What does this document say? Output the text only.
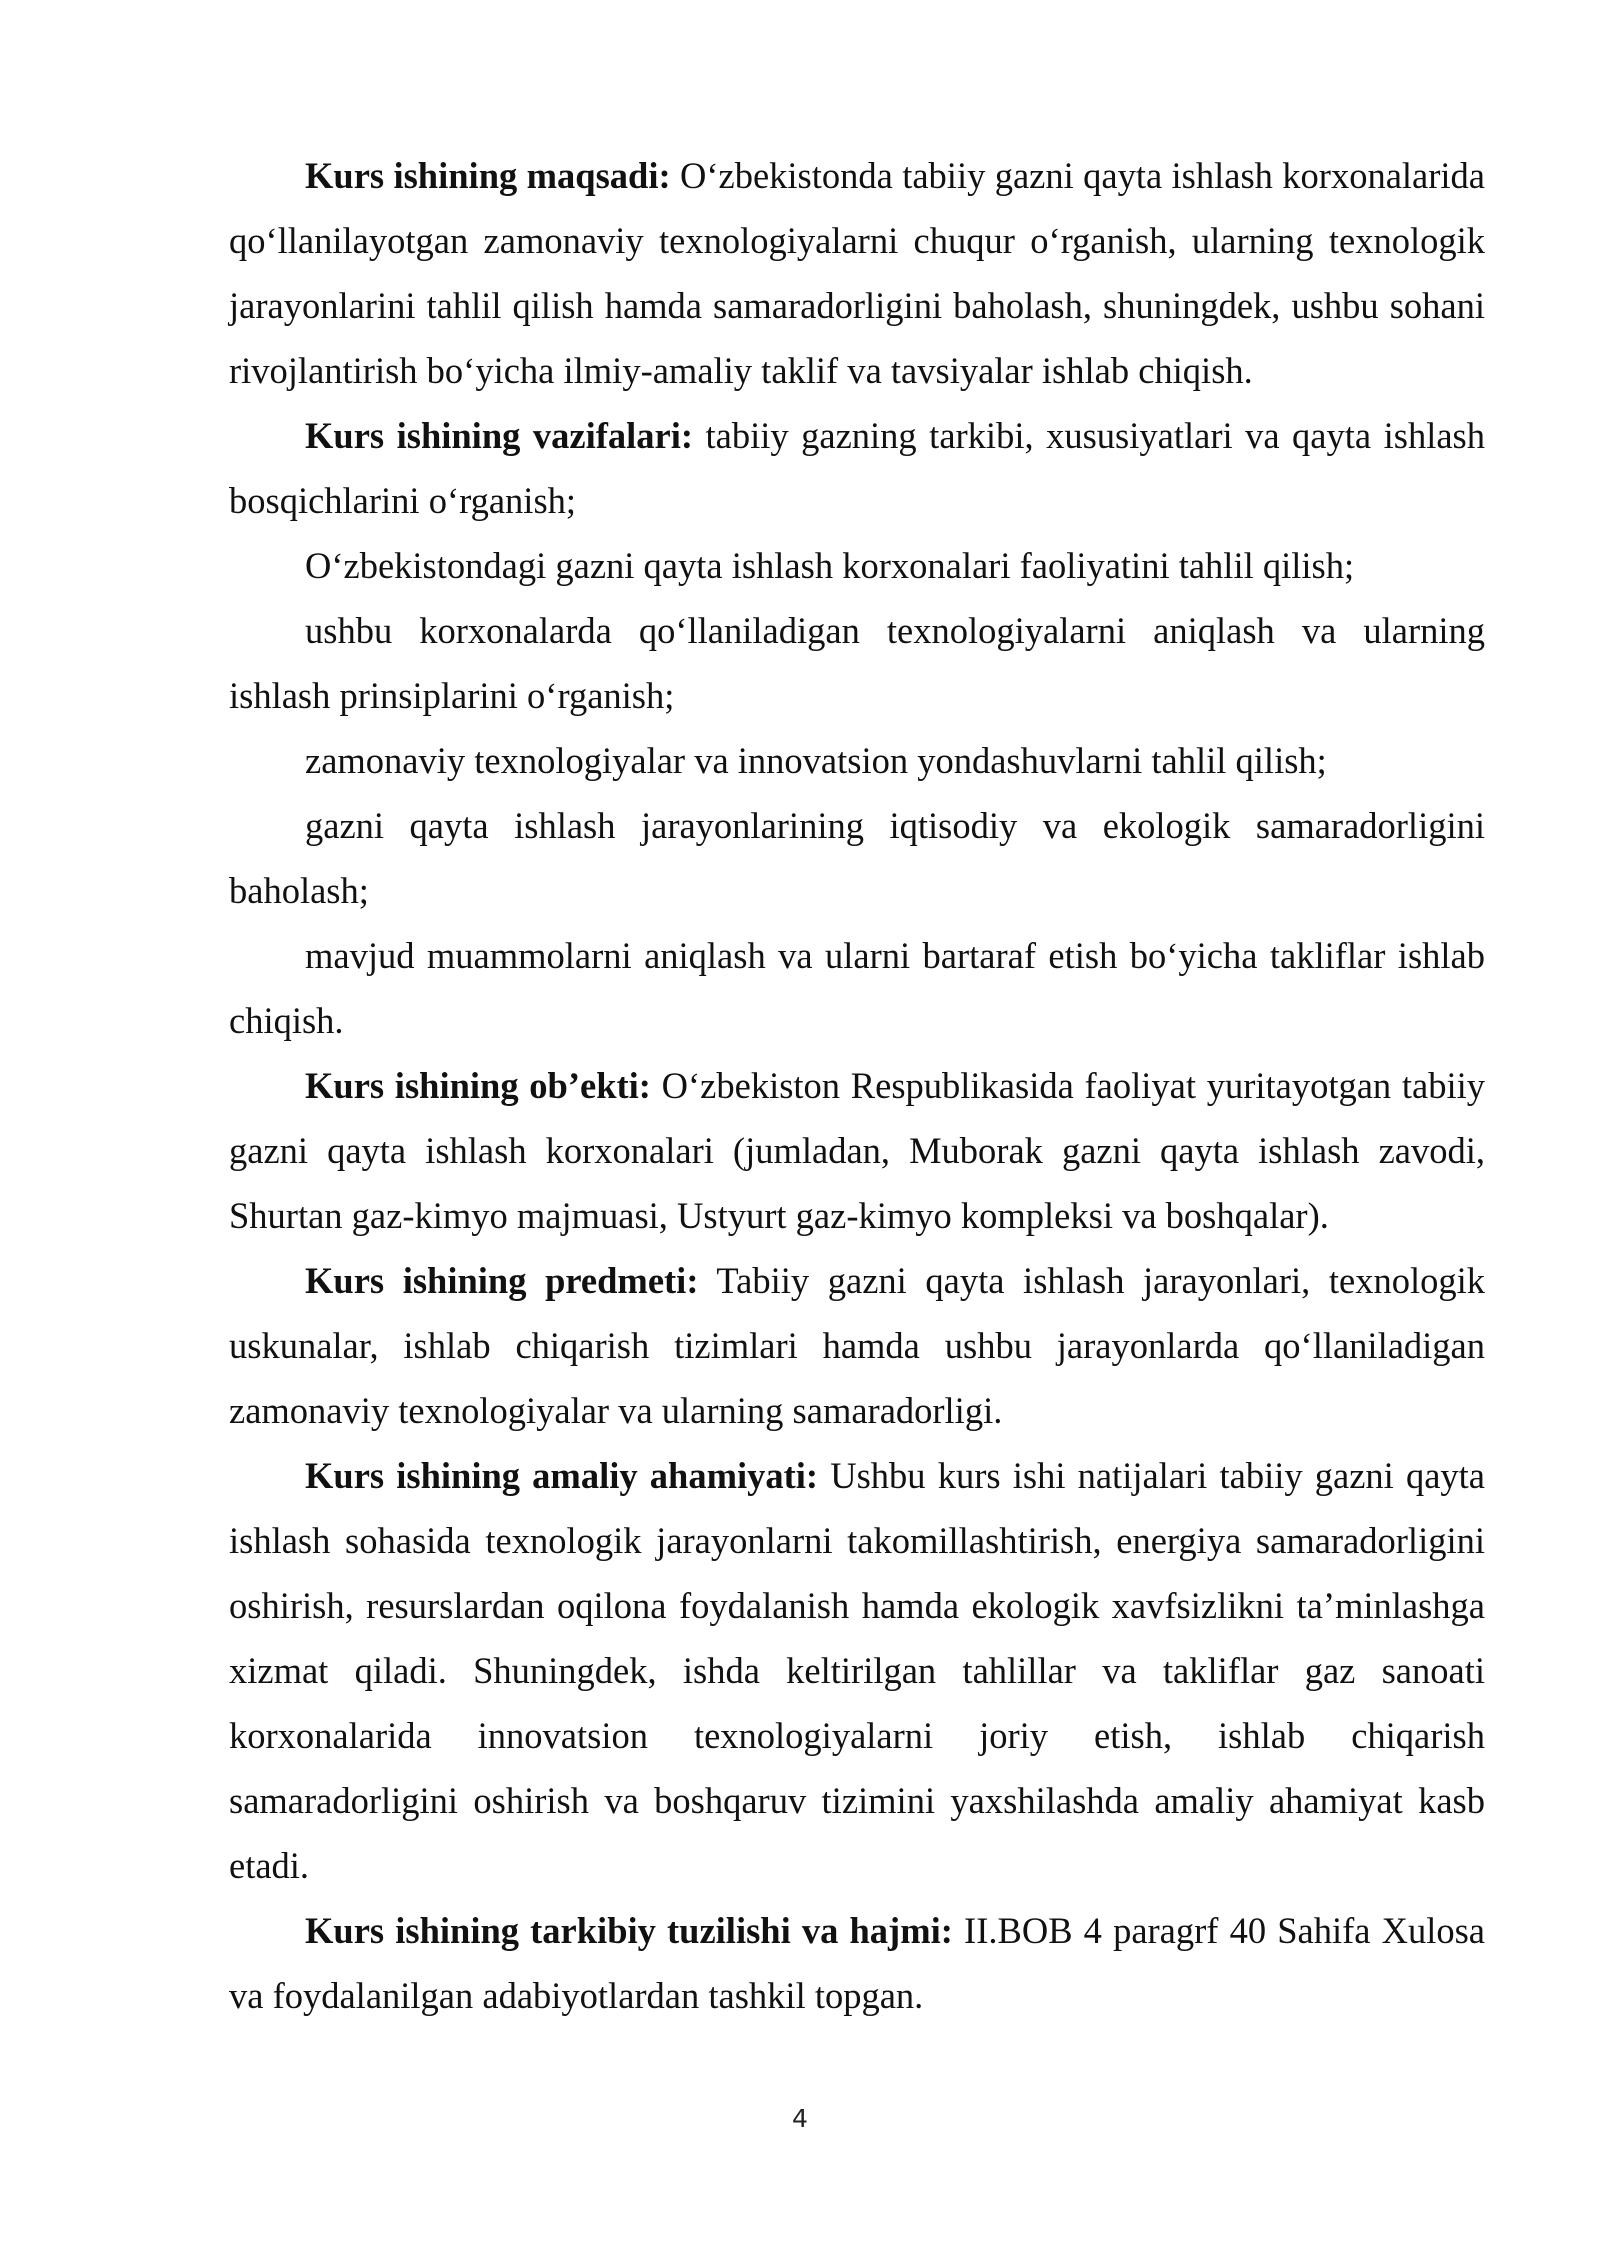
Kurs ishining maqsadi: O‘zbekistonda tabiiy gazni qayta ishlash korxonalarida qo‘llanilayotgan zamonaviy texnologiyalarni chuqur o‘rganish, ularning texnologik jarayonlarini tahlil qilish hamda samaradorligini baholash, shuningdek, ushbu sohani rivojlantirish bo‘yicha ilmiy-amaliy taklif va tavsiyalar ishlab chiqish.

Kurs ishining vazifalari: tabiiy gazning tarkibi, xususiyatlari va qayta ishlash bosqichlarini o‘rganish;

O‘zbekistondagi gazni qayta ishlash korxonalari faoliyatini tahlil qilish;

ushbu korxonalarda qo‘llaniladigan texnologiyalarni aniqlash va ularning ishlash prinsiplarini o‘rganish;

zamonaviy texnologiyalar va innovatsion yondashuvlarni tahlil qilish;

gazni qayta ishlash jarayonlarining iqtisodiy va ekologik samaradorligini baholash;

mavjud muammolarni aniqlash va ularni bartaraf etish bo‘yicha takliflar ishlab chiqish.

Kurs ishining ob’ekti: O‘zbekiston Respublikasida faoliyat yuritayotgan tabiiy gazni qayta ishlash korxonalari (jumladan, Muborak gazni qayta ishlash zavodi, Shurtan gaz-kimyo majmuasi, Ustyurt gaz-kimyo kompleksi va boshqalar).

Kurs ishining predmeti: Tabiiy gazni qayta ishlash jarayonlari, texnologik uskunalar, ishlab chiqarish tizimlari hamda ushbu jarayonlarda qo‘llaniladigan zamonaviy texnologiyalar va ularning samaradorligi.

Kurs ishining amaliy ahamiyati: Ushbu kurs ishi natijalari tabiiy gazni qayta ishlash sohasida texnologik jarayonlarni takomillashtirish, energiya samaradorligini oshirish, resurslardan oqilona foydalanish hamda ekologik xavfsizlikni ta’minlashga xizmat qiladi. Shuningdek, ishda keltirilgan tahlillar va takliflar gaz sanoati korxonalarida innovatsion texnologiyalarni joriy etish, ishlab chiqarish samaradorligini oshirish va boshqaruv tizimini yaxshilashda amaliy ahamiyat kasb etadi.

Kurs ishining tarkibiy tuzilishi va hajmi: II.BOB 4 paragrf 40 Sahifa Xulosa va foydalanilgan adabiyotlardan tashkil topgan.

4
